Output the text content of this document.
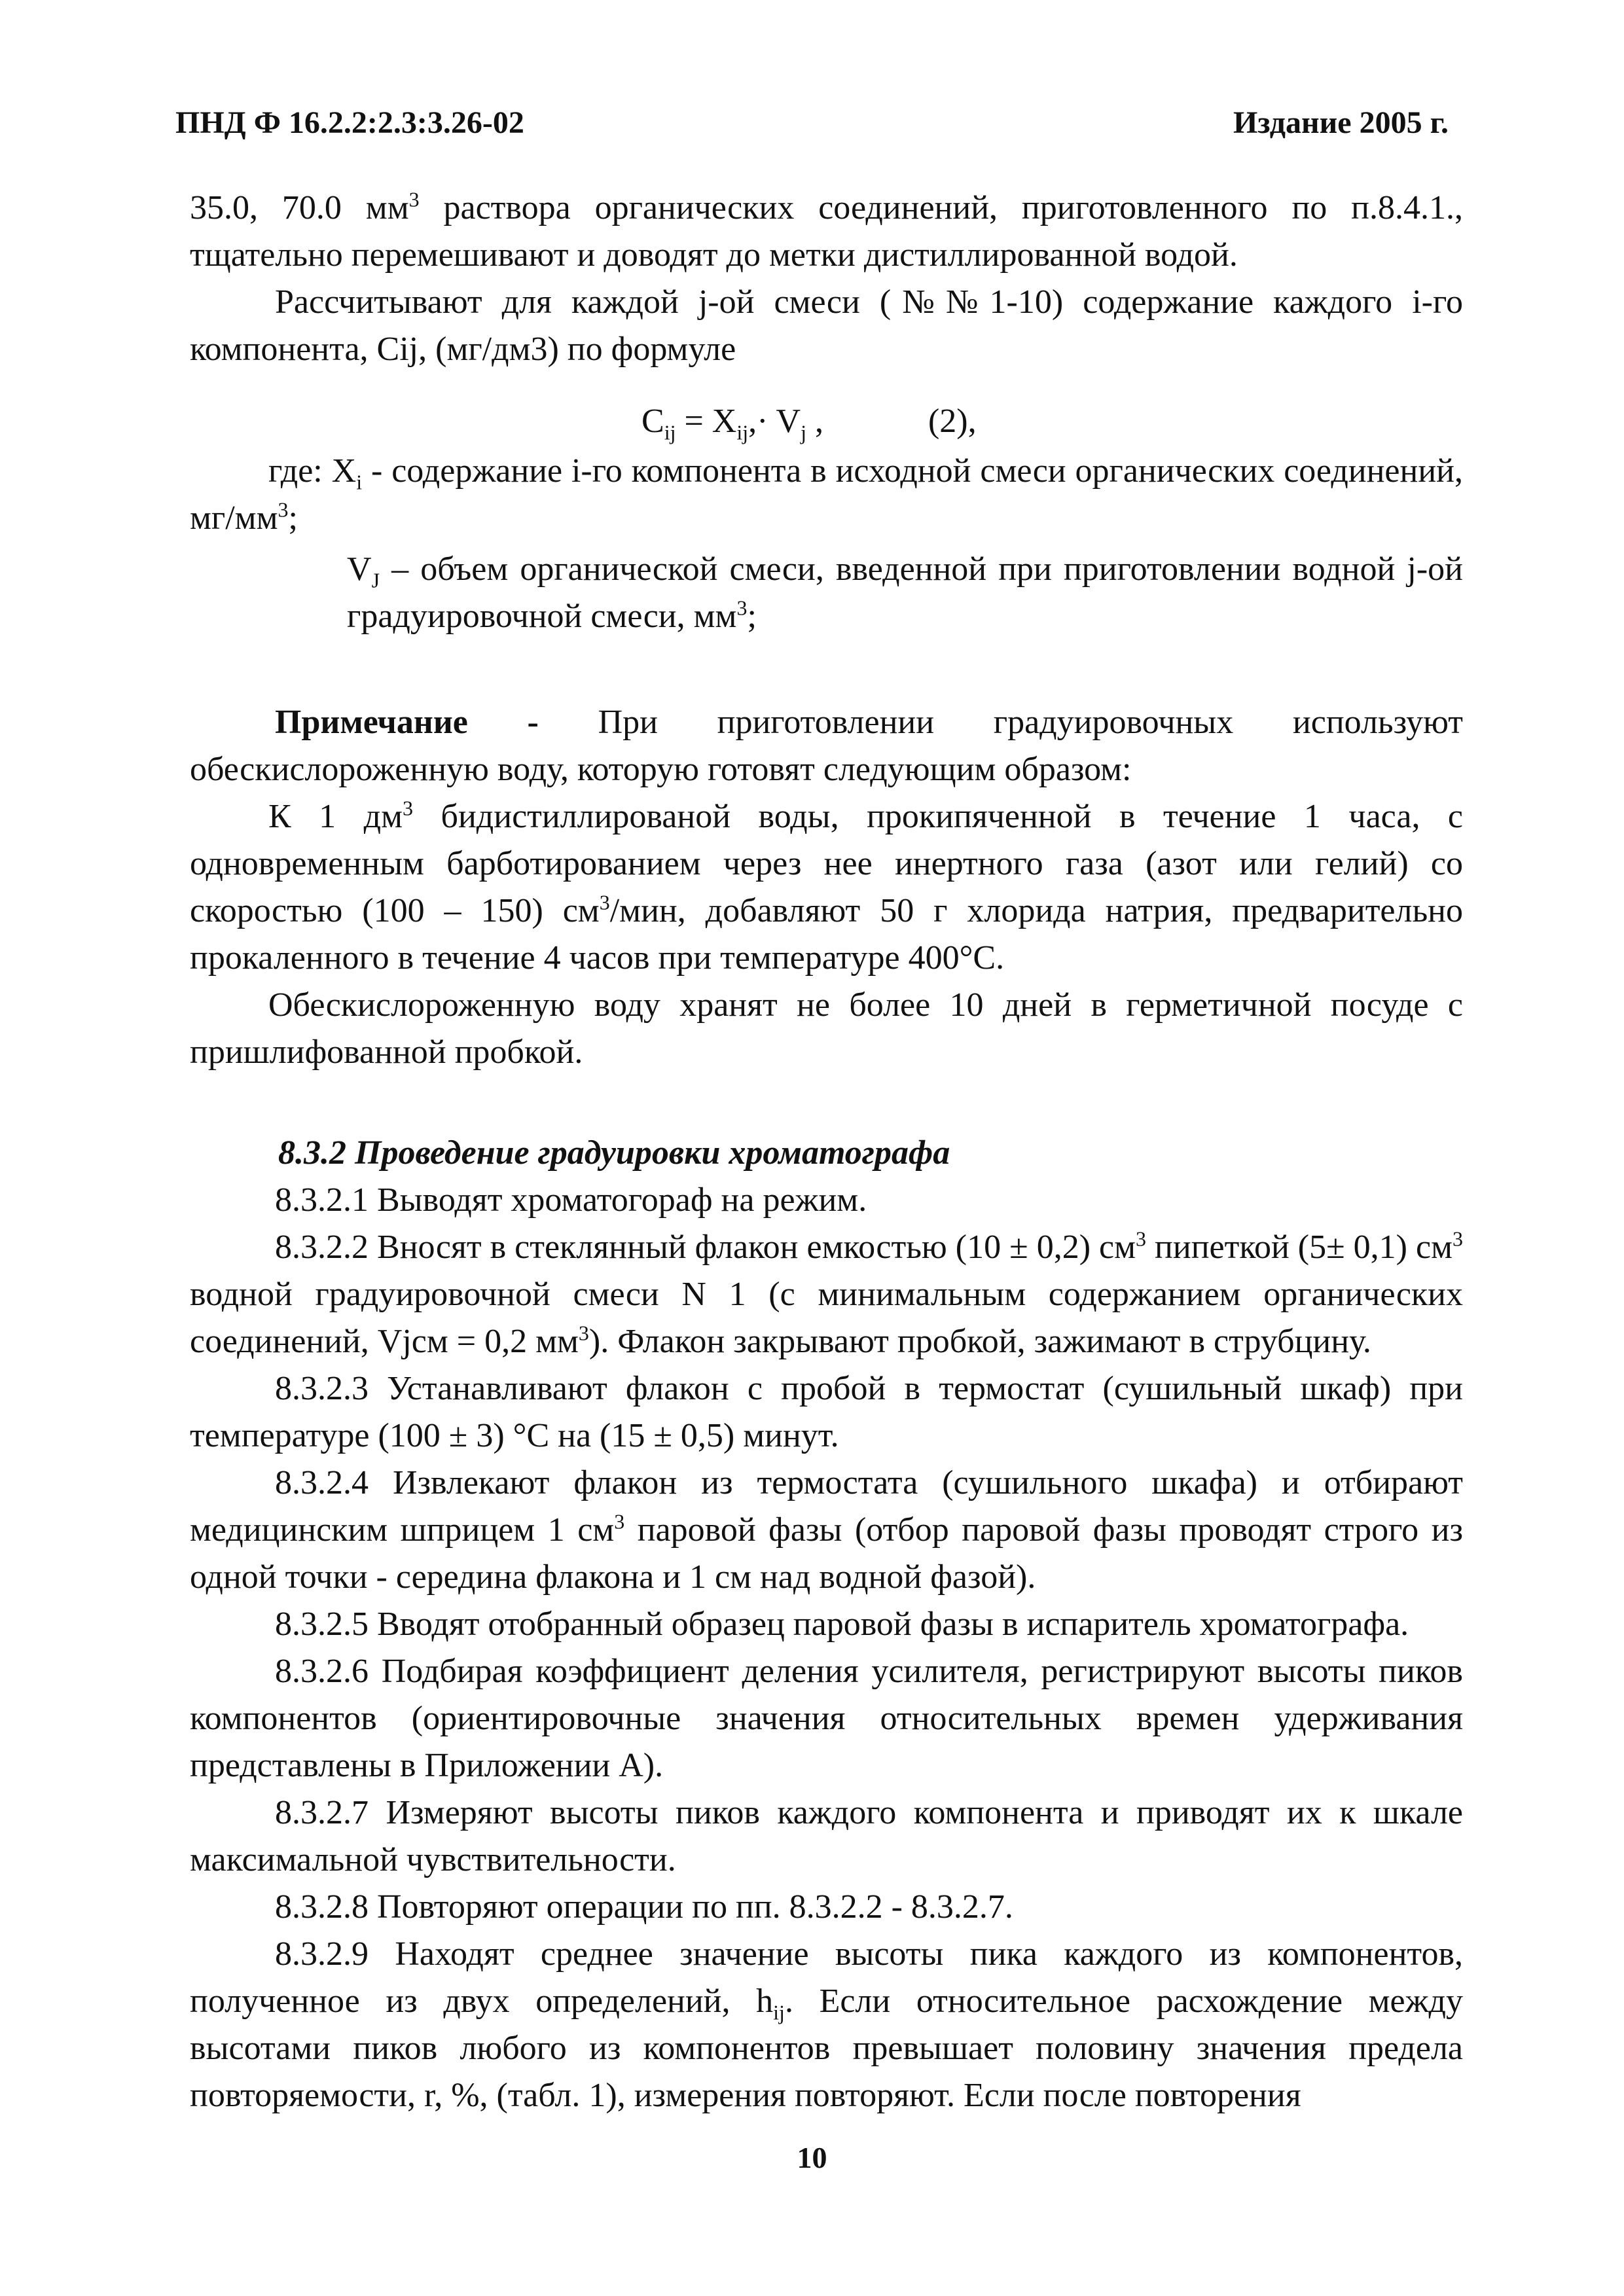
ПНД Ф 16.2.2:2.3:3.26-02	Издание 2005 г.

35.0, 70.0 $мм^3$ раствора органических соединений, приготовленного по п.8.4.1., тщательно перемешивают и доводят до метки дистиллированной водой.

Рассчитывают для каждой j-ой смеси (№№1-10) содержание каждого i-го компонента, Cij, (мг/дм3) по формуле

$C_{ij} = X_{ij},\cdot V_j$ ,	(2),

где: $X_i$ - содержание i-го компонента в исходной смеси органических соединений, $мг/мм^3$;

$V_J$ – объем органической смеси, введенной при приготовлении водной j-ой градуировочной смеси, $мм^3$;

Примечание - При приготовлении градуировочных используют обескислороженную воду, которую готовят следующим образом:

К 1 $дм^3$ бидистиллированой воды, прокипяченной в течение 1 часа, с одновременным барботированием через нее инертного газа (азот или гелий) со скоростью (100 – 150) $см^3$/мин, добавляют 50 г хлорида натрия, предварительно прокаленного в течение 4 часов при температуре 400°С.

Обескислороженную воду хранят не более 10 дней в герметичной посуде с пришлифованной пробкой.

8.3.2 Проведение градуировки хроматографа

8.3.2.1 Выводят хроматогораф на режим.

8.3.2.2 Вносят в стеклянный флакон емкостью (10 ± 0,2) $см^3$ пипеткой (5± 0,1) $см^3$ водной градуировочной смеси N 1 (с минимальным содержанием органических соединений, Vjсм = 0,2 $мм^3$). Флакон закрывают пробкой, зажимают в струбцину.

8.3.2.3 Устанавливают флакон с пробой в термостат (сушильный шкаф) при температуре (100 ± 3) °С на (15 ± 0,5) минут.

8.3.2.4 Извлекают флакон из термостата (сушильного шкафа) и отбирают медицинским шприцем 1 $см^3$ паровой фазы (отбор паровой фазы проводят строго из одной точки - середина флакона и 1 см над водной фазой).

8.3.2.5 Вводят отобранный образец паровой фазы в испаритель хроматографа.

8.3.2.6 Подбирая коэффициент деления усилителя, регистрируют высоты пиков компонентов (ориентировочные значения относительных времен удерживания представлены в Приложении А).

8.3.2.7 Измеряют высоты пиков каждого компонента и приводят их к шкале максимальной чувствительности.

8.3.2.8 Повторяют операции по пп. 8.3.2.2 - 8.3.2.7.

8.3.2.9 Находят среднее значение высоты пика каждого из компонентов, полученное из двух определений, $h_{ij}$. Если относительное расхождение между высотами пиков любого из компонентов превышает половину значения предела повторяемости, r, %, (табл. 1), измерения повторяют. Если после повторения

10
